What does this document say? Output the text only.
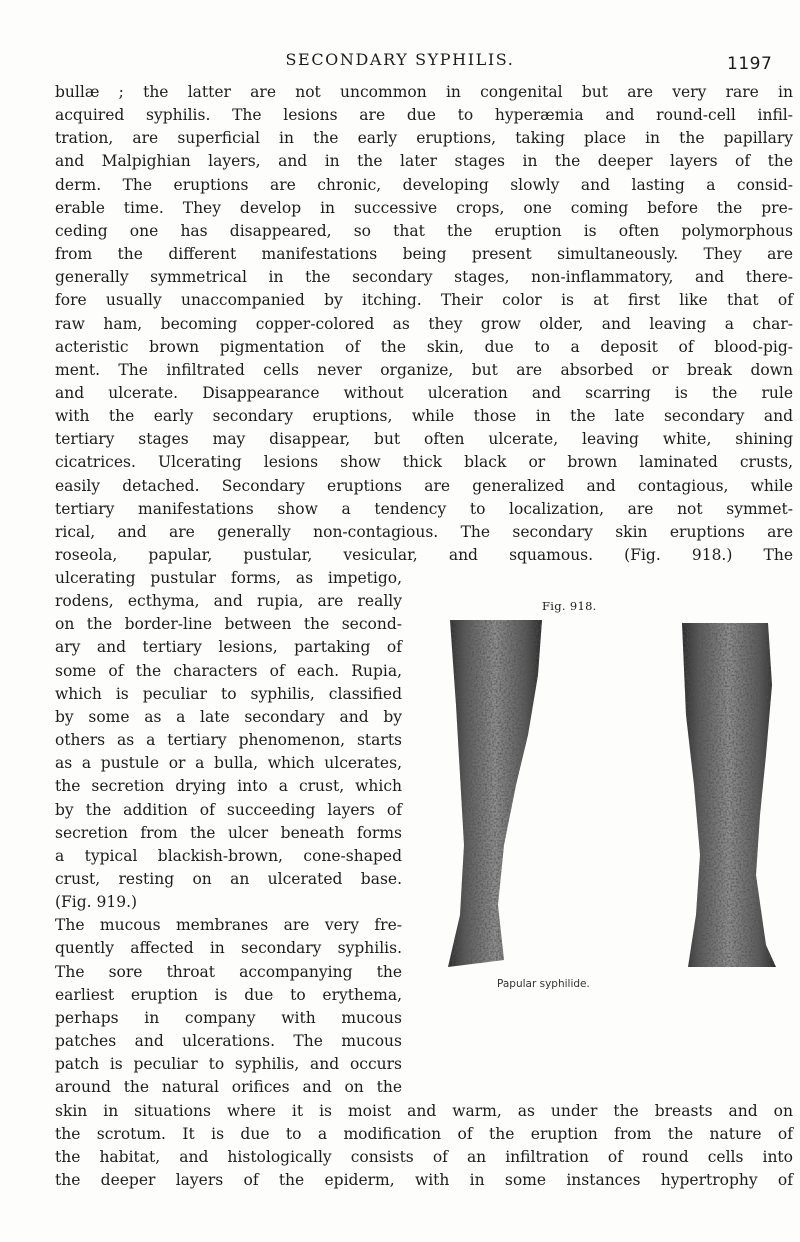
SECONDARY SYPHILIS.	1197
bullæ ; the latter are not uncommon in congenital but are very rare in
acquired syphilis. The lesions are due to hyperæmia and round-cell infil-
tration, are superficial in the early eruptions, taking place in the papillary
and Malpighian layers, and in the later stages in the deeper layers of the
derm. The eruptions are chronic, developing slowly and lasting a consid-
erable time. They develop in successive crops, one coming before the pre-
ceding one has disappeared, so that the eruption is often polymorphous
from the different manifestations being present simultaneously. They are
generally symmetrical in the secondary stages, non-inflammatory, and there-
fore usually unaccompanied by itching. Their color is at first like that of
raw ham, becoming copper-colored as they grow older, and leaving a char-
acteristic brown pigmentation of the skin, due to a deposit of blood-pig-
ment. The infiltrated cells never organize, but are absorbed or break down
and ulcerate. Disappearance without ulceration and scarring is the rule
with the early secondary eruptions, while those in the late secondary and
tertiary stages may disappear, but often ulcerate, leaving white, shining
cicatrices. Ulcerating lesions show thick black or brown laminated crusts,
easily detached. Secondary eruptions are generalized and contagious, while
tertiary manifestations show a tendency to localization, are not symmet-
rical, and are generally non-contagious. The secondary skin eruptions are
roseola, papular, pustular, vesicular, and squamous. (Fig. 918.) The
ulcerating pustular forms, as impetigo,
rodens, ecthyma, and rupia, are really
on the border-line between the second-
ary and tertiary lesions, partaking of
some of the characters of each. Rupia,
which is peculiar to syphilis, classified
by some as a late secondary and by
others as a tertiary phenomenon, starts
as a pustule or a bulla, which ulcerates,
the secretion drying into a crust, which
by the addition of succeeding layers of
secretion from the ulcer beneath forms
a typical blackish-brown, cone-shaped
crust, resting on an ulcerated base.
(Fig. 919.)
The mucous membranes are very fre-
quently affected in secondary syphilis.
The sore throat accompanying the
earliest eruption is due to erythema,
perhaps in company with mucous
patches and ulcerations. The mucous
patch is peculiar to syphilis, and occurs
around the natural orifices and on the
skin in situations where it is moist and warm, as under the breasts and on
the scrotum. It is due to a modification of the eruption from the nature of
the habitat, and histologically consists of an infiltration of round cells into
the deeper layers of the epiderm, with in some instances hypertrophy of
Fig. 918.
Papular syphilide.
